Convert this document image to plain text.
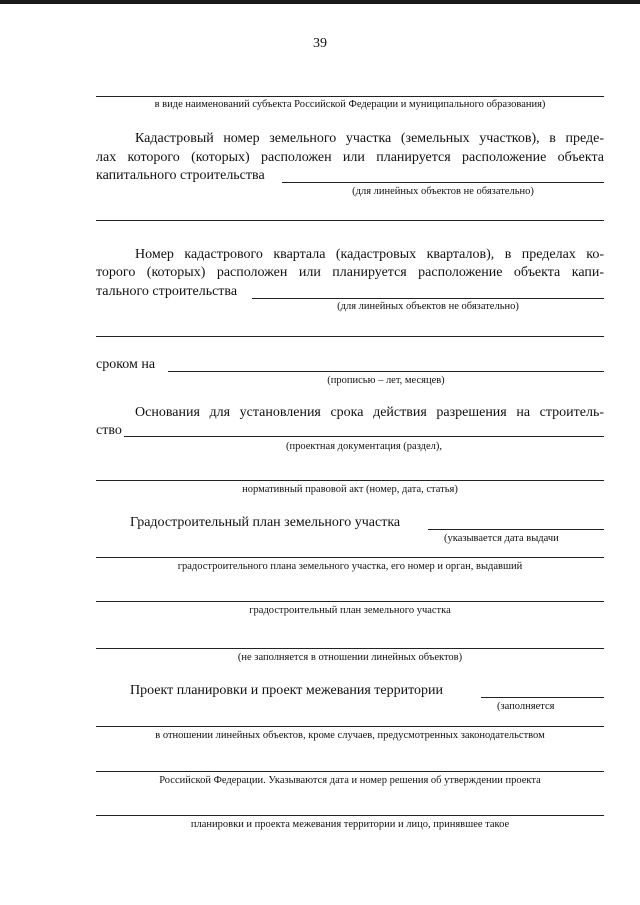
39
в виде наименований субъекта Российской Федерации и муниципального образования)
Кадастровый номер земельного участка (земельных участков), в преде-
лах которого (которых) расположен или планируется расположение объекта
капитального строительства
(для линейных объектов не обязательно)
Номер кадастрового квартала (кадастровых кварталов), в пределах ко-
торого (которых) расположен или планируется расположение объекта капи-
тального строительства
(для линейных объектов не обязательно)
сроком на
(прописью – лет, месяцев)
Основания для установления срока действия разрешения на строитель-
ство
(проектная документация (раздел),
нормативный правовой акт (номер, дата, статья)
Градостроительный план земельного участка
(указывается дата выдачи
градостроительного плана земельного участка, его номер и орган, выдавший
градостроительный план земельного участка
(не заполняется в отношении линейных объектов)
Проект планировки и проект межевания территории
(заполняется
в отношении линейных объектов, кроме случаев, предусмотренных законодательством
Российской Федерации. Указываются дата и номер решения об утверждении проекта
планировки и проекта межевания территории и лицо, принявшее такое
